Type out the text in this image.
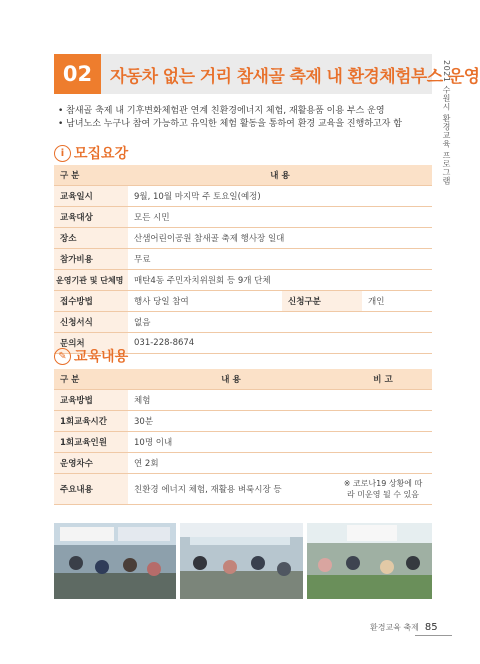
02	자동차 없는 거리 참새골 축제 내 환경체험부스 운영
2021 수원시 환경교육 프로그램
• 참새골 축제 내 기후변화체험관 연계 친환경에너지 체험, 재활용품 이용 부스 운영
• 남녀노소 누구나 참여 가능하고 유익한 체험 활동을 통하여 환경 교육을 진행하고자 함
i 모집요강
구 분	내 용		
교육일시	9월, 10월 마지막 주 토요일(예정)		
교육대상	모든 시민		
장소	산샘어린이공원 참새골 축제 행사장 일대		
참가비용	무료		
운영기관 및 단체명	매탄4동 주민자치위원회 등 9개 단체		
접수방법	행사 당일 참여	신청구분	개인
신청서식	없음		
문의처	031-228-8674		
✎ 교육내용
구 분	내 용	비 고
교육방법	체험	
1회교육시간	30분	
1회교육인원	10명 이내	
운영차수	연 2회	
주요내용	친환경 에너지 체험, 재활용 벼룩시장 등	※ 코로나19 상황에 따라 미운영 될 수 있음
환경교육 축제 85
